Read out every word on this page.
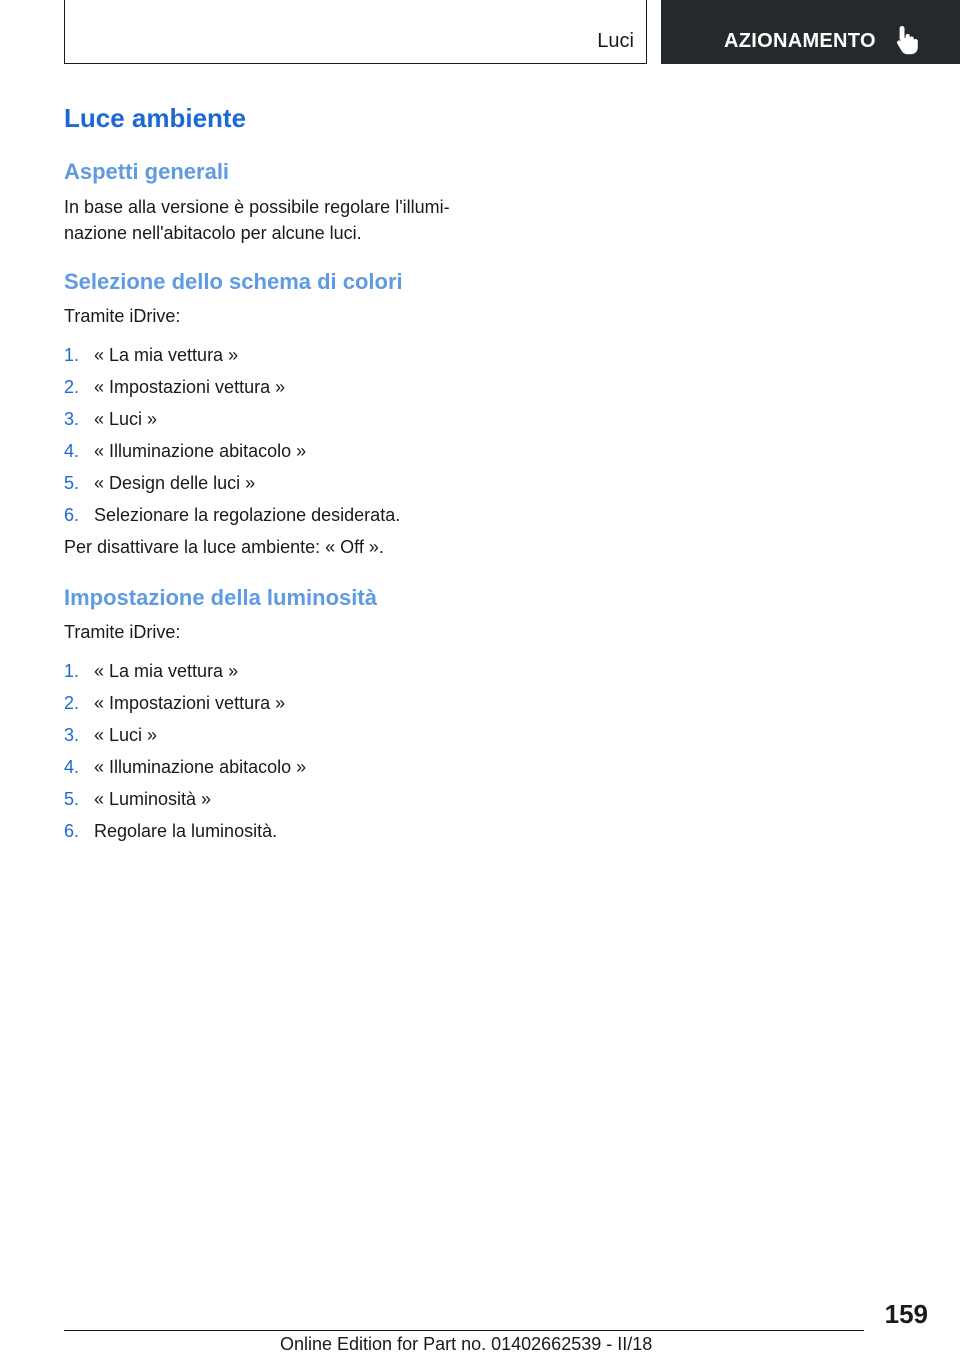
Luci	AZIONAMENTO
Luce ambiente
Aspetti generali
In base alla versione è possibile regolare l'illumi‐
nazione nell'abitacolo per alcune luci.
Selezione dello schema di colori
Tramite iDrive:
1. « La mia vettura »
2. « Impostazioni vettura »
3. « Luci »
4. « Illuminazione abitacolo »
5. « Design delle luci »
6. Selezionare la regolazione desiderata.
Per disattivare la luce ambiente: « Off ».
Impostazione della luminosità
Tramite iDrive:
1. « La mia vettura »
2. « Impostazioni vettura »
3. « Luci »
4. « Illuminazione abitacolo »
5. « Luminosità »
6. Regolare la luminosità.
159
Online Edition for Part no. 01402662539 - II/18
